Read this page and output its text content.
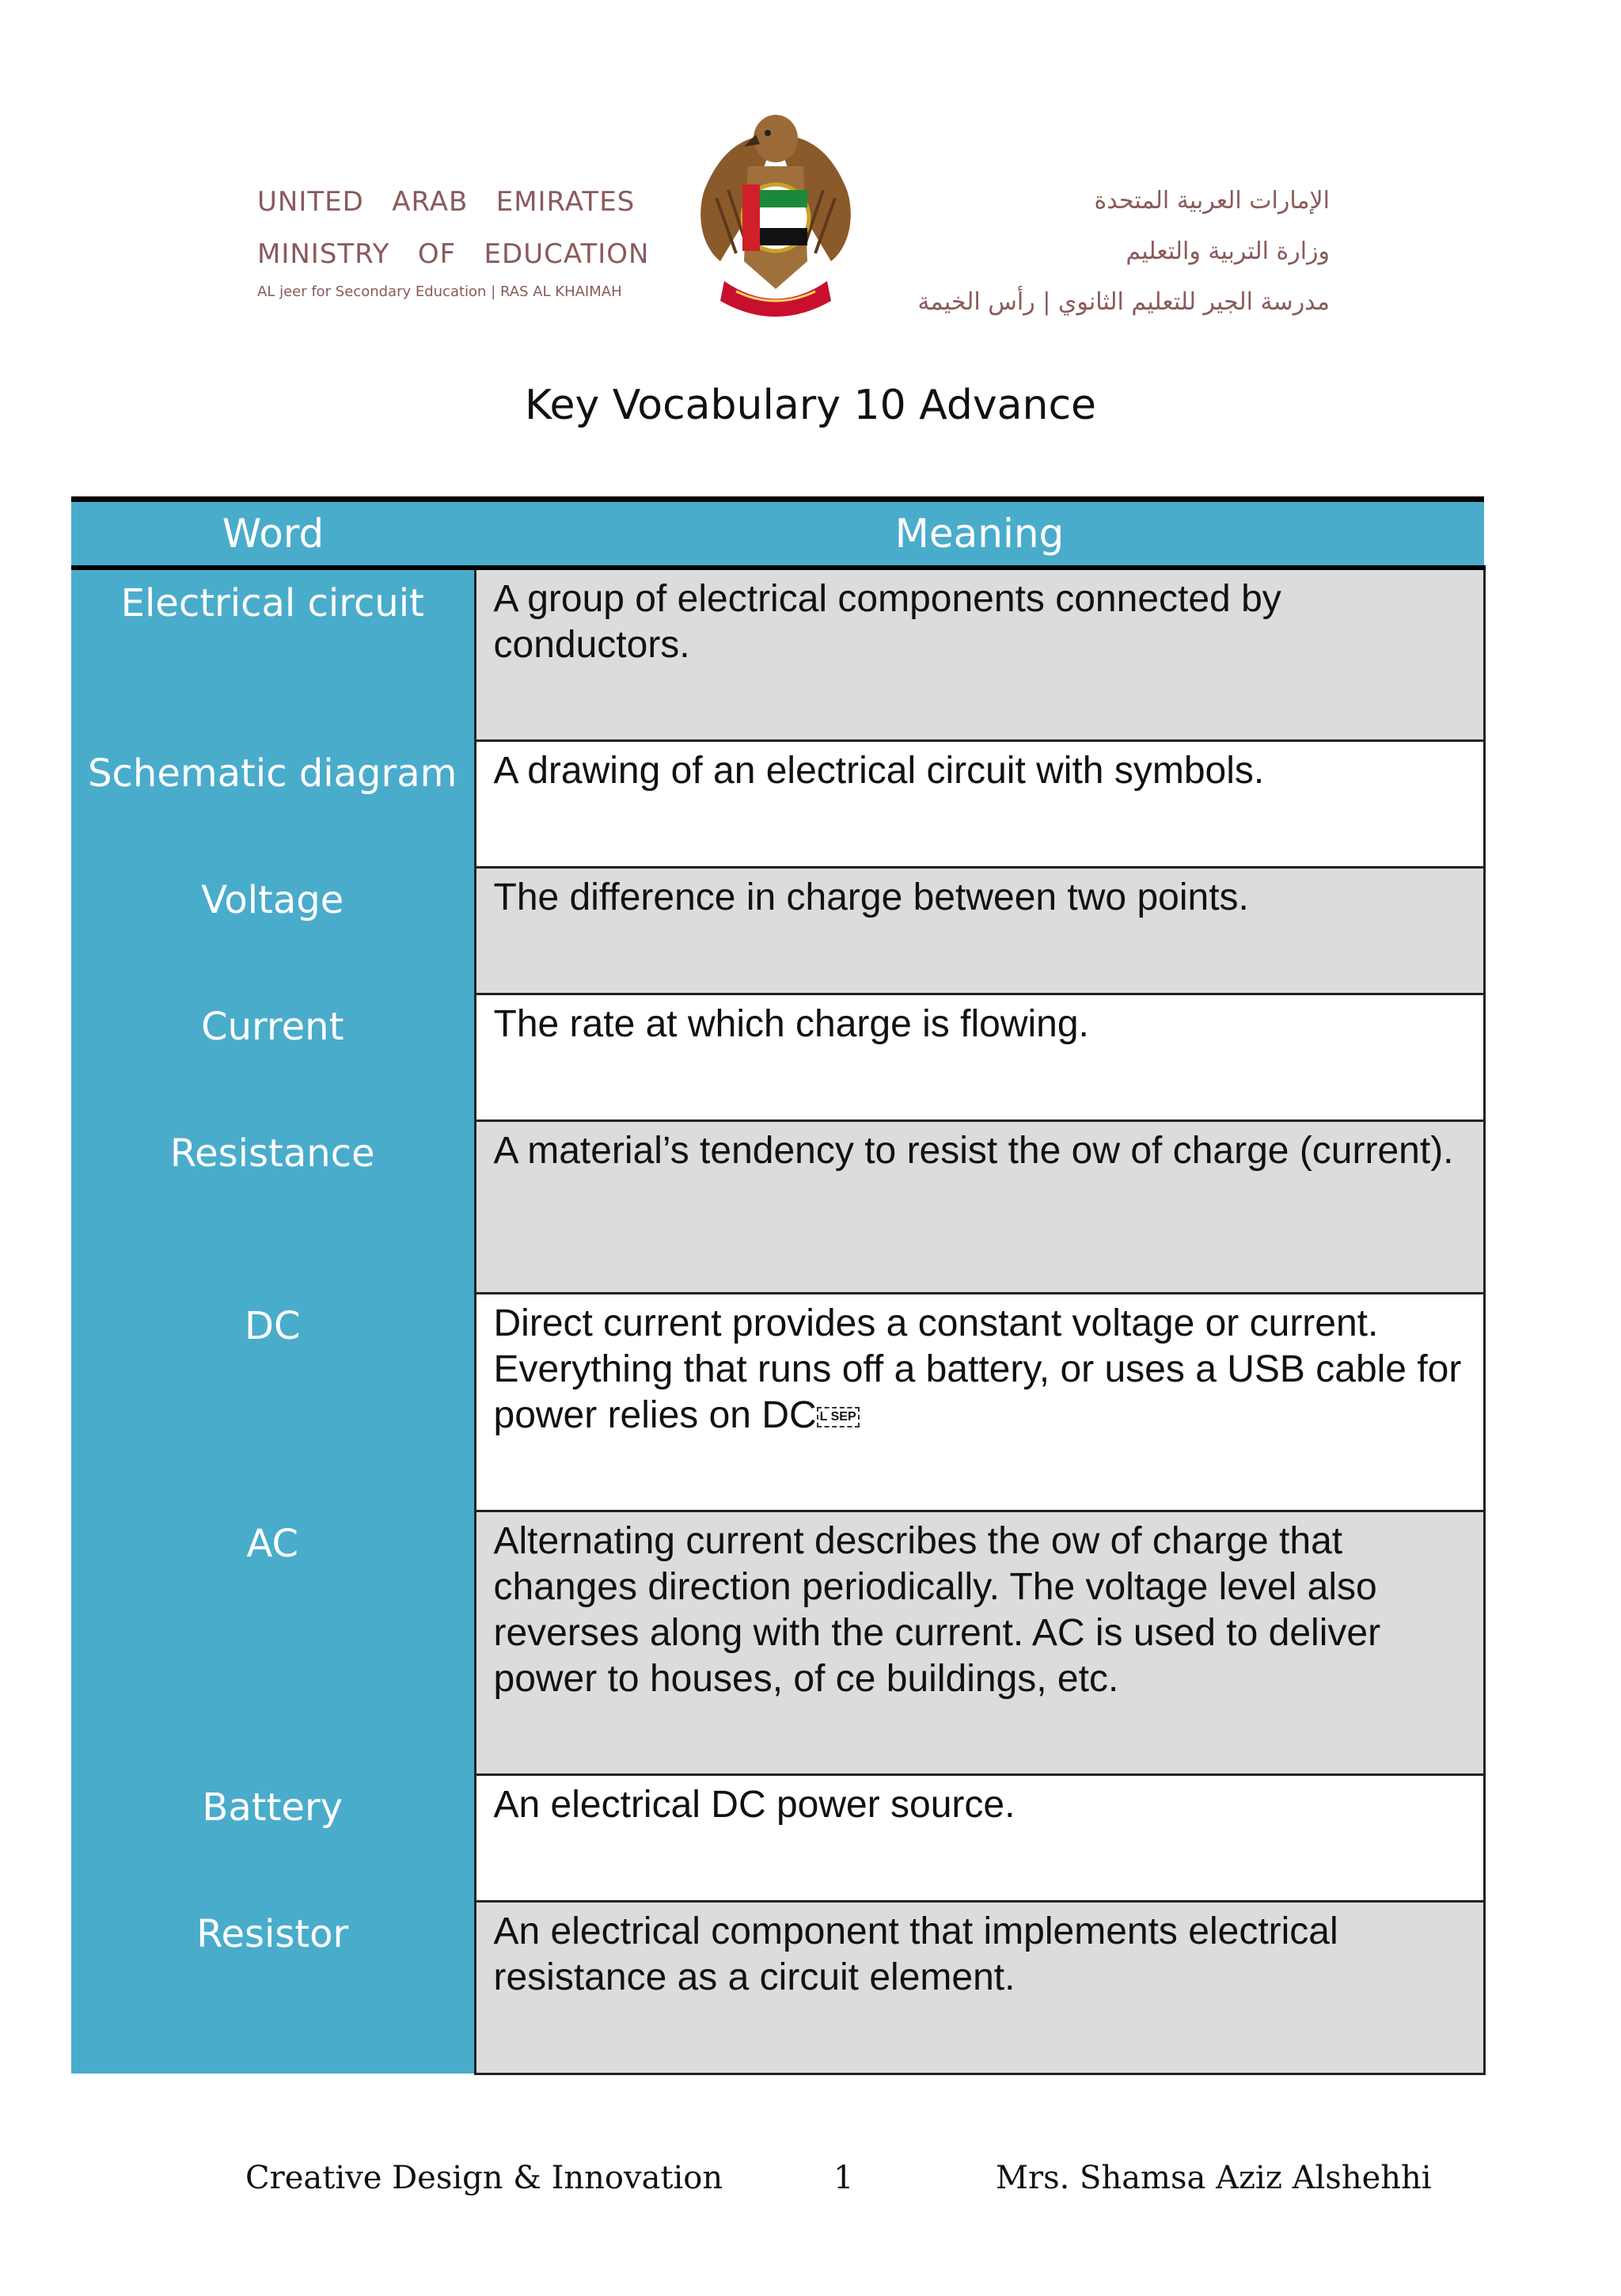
UNITED   ARAB   EMIRATES
MINISTRY   OF   EDUCATION
AL jeer for Secondary Education | RAS AL KHAIMAH
الإمارات العربية المتحدة
وزارة التربية والتعليم
مدرسة الجير للتعليم الثانوي | رأس الخيمة
Key Vocabulary 10 Advance
Word	Meaning
Electrical circuit	A group of electrical components connected by conductors.
Schematic diagram	A drawing of an electrical circuit with symbols.
Voltage	The difference in charge between two points.
Current	The rate at which charge is flowing.
Resistance	A material’s tendency to resist the ow of charge (current).
DC	Direct current provides a constant voltage or current. Everything that runs off a battery, or uses a USB cable for power relies on DC L SEP
AC	Alternating current describes the ow of charge that changes direction periodically. The voltage level also reverses along with the current. AC is used to deliver power to houses, of ce buildings, etc.
Battery	An electrical DC power source.
Resistor	An electrical component that implements electrical resistance as a circuit element.
Creative Design & Innovation	1	Mrs. Shamsa Aziz Alshehhi
